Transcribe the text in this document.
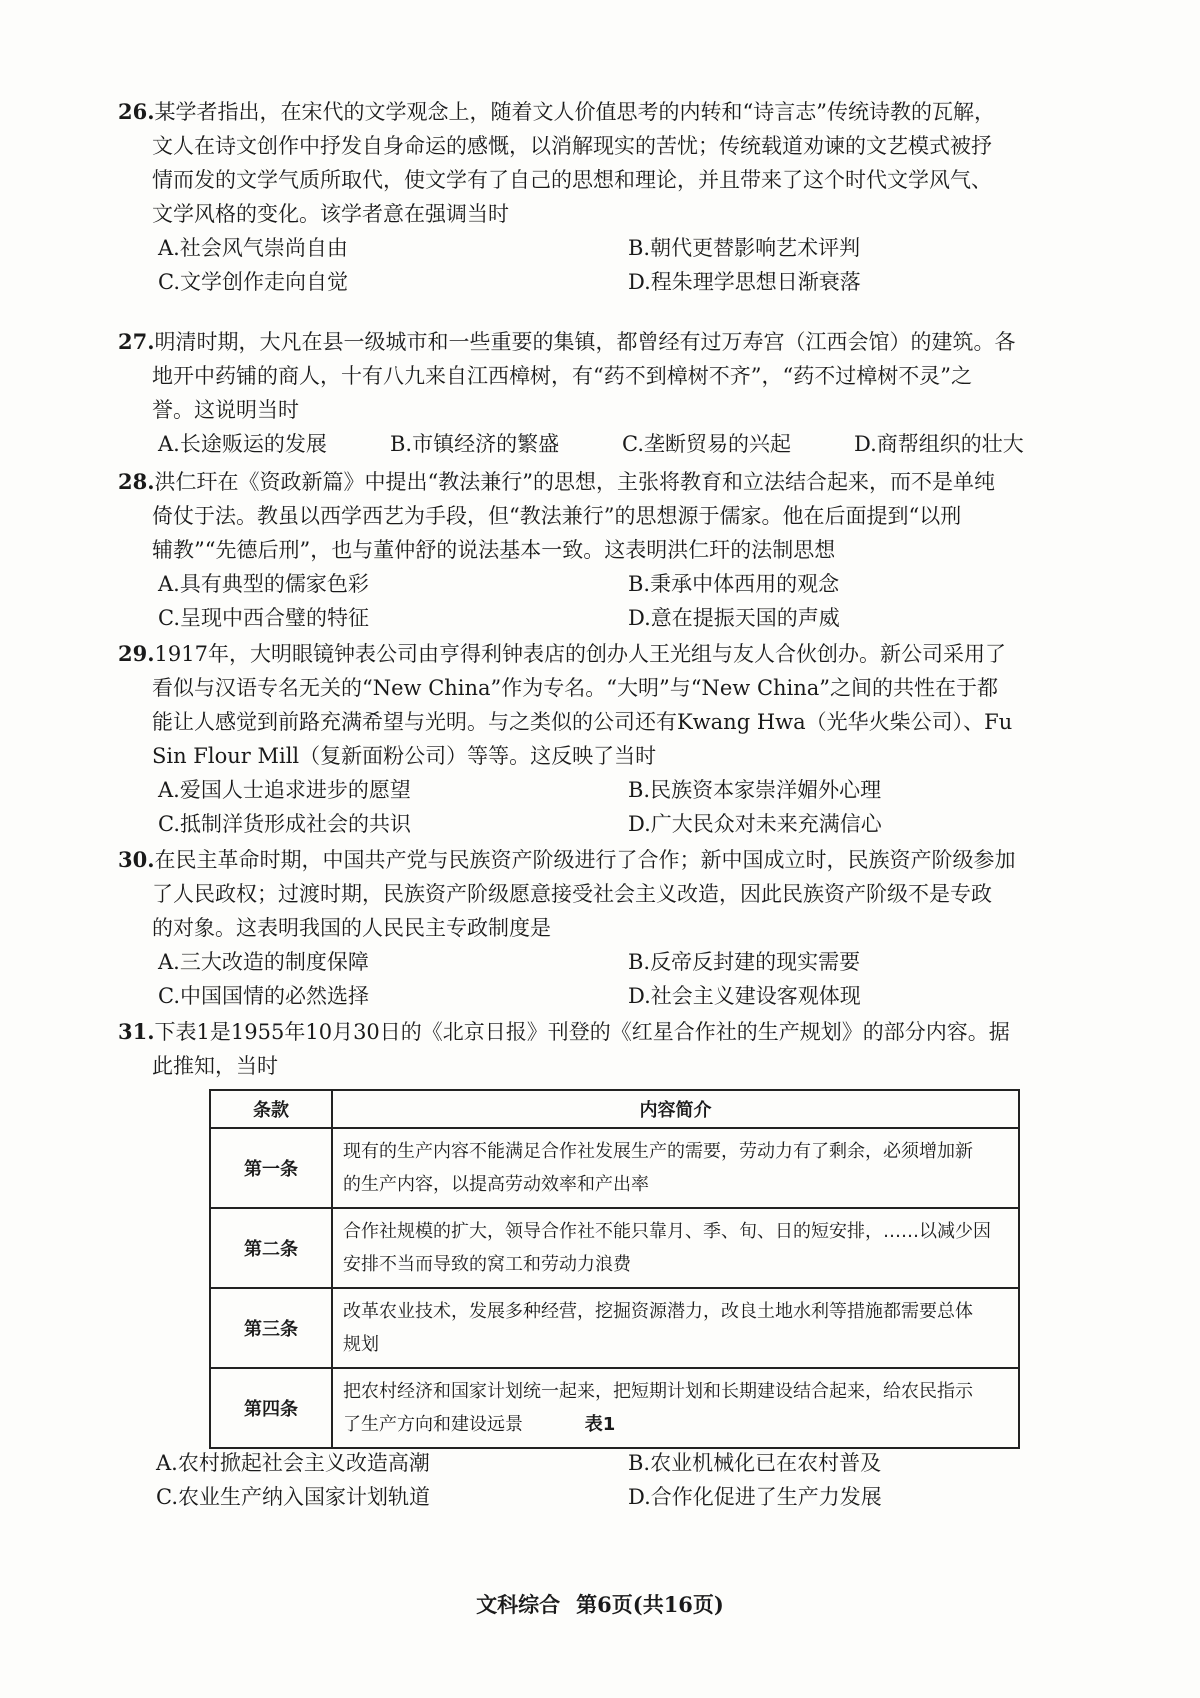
26.某学者指出，在宋代的文学观念上，随着文人价值思考的内转和“诗言志”传统诗教的瓦解，
文人在诗文创作中抒发自身命运的感慨，以消解现实的苦忧；传统载道劝谏的文艺模式被抒
情而发的文学气质所取代，使文学有了自己的思想和理论，并且带来了这个时代文学风气、
文学风格的变化。该学者意在强调当时
A.社会风气崇尚自由	B.朝代更替影响艺术评判
C.文学创作走向自觉	D.程朱理学思想日渐衰落
27.明清时期，大凡在县一级城市和一些重要的集镇，都曾经有过万寿宫（江西会馆）的建筑。各
地开中药铺的商人，十有八九来自江西樟树，有“药不到樟树不齐”，“药不过樟树不灵”之
誉。这说明当时
A.长途贩运的发展	B.市镇经济的繁盛	C.垄断贸易的兴起	D.商帮组织的壮大
28.洪仁玕在《资政新篇》中提出“教法兼行”的思想，主张将教育和立法结合起来，而不是单纯
倚仗于法。教虽以西学西艺为手段，但“教法兼行”的思想源于儒家。他在后面提到“以刑
辅教”“先德后刑”，也与董仲舒的说法基本一致。这表明洪仁玕的法制思想
A.具有典型的儒家色彩	B.秉承中体西用的观念
C.呈现中西合璧的特征	D.意在提振天国的声威
29.1917年，大明眼镜钟表公司由亨得利钟表店的创办人王光组与友人合伙创办。新公司采用了
看似与汉语专名无关的“New China”作为专名。“大明”与“New China”之间的共性在于都
能让人感觉到前路充满希望与光明。与之类似的公司还有Kwang Hwa（光华火柴公司）、Fu
Sin Flour Mill（复新面粉公司）等等。这反映了当时
A.爱国人士追求进步的愿望	B.民族资本家崇洋媚外心理
C.抵制洋货形成社会的共识	D.广大民众对未来充满信心
30.在民主革命时期，中国共产党与民族资产阶级进行了合作；新中国成立时，民族资产阶级参加
了人民政权；过渡时期，民族资产阶级愿意接受社会主义改造，因此民族资产阶级不是专政
的对象。这表明我国的人民民主专政制度是
A.三大改造的制度保障	B.反帝反封建的现实需要
C.中国国情的必然选择	D.社会主义建设客观体现
31.下表1是1955年10月30日的《北京日报》刊登的《红星合作社的生产规划》的部分内容。据
此推知，当时
条款	内容简介
第一条	现有的生产内容不能满足合作社发展生产的需要，劳动力有了剩余，必须增加新
的生产内容，以提高劳动效率和产出率

第二条	合作社规模的扩大，领导合作社不能只靠月、季、旬、日的短安排，……以减少因
安排不当而导致的窝工和劳动力浪费

第三条	改革农业技术，发展多种经营，挖掘资源潜力，改良土地水利等措施都需要总体
规划

第四条	把农村经济和国家计划统一起来，把短期计划和长期建设结合起来，给农民指示
了生产方向和建设远景	表1
A.农村掀起社会主义改造高潮	B.农业机械化已在农村普及
C.农业生产纳入国家计划轨道	D.合作化促进了生产力发展
文科综合 第6页(共16页)
